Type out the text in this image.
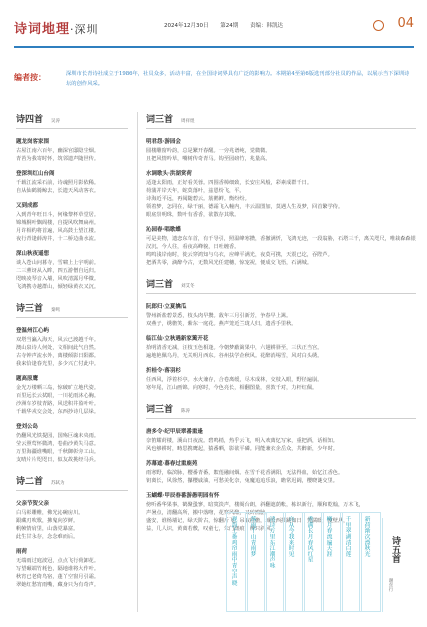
诗词地理·深圳	2024年12月30日 第24期 责编：韩凯达	04
编者按：	深圳市长青诗社成立于1986年，社员众多，活动丰富，在全国诗词界具有广泛的影响力。本期第4至第6版选刊部分社员的作品，以展示当下深圳诗坛的创作风采。
诗四首 吴涛
题龙岗客家围
古屋江南六百年，幽深官邸隐尘烟。
青苔为我寄时怀，筑邻遗声随世传。
登深圳红山台阁
千载江流采石前，诗魂照月影依稀。
自从仙鹤骑鲸去，长遗天风动客衣。
又到成都
入到青年旺日斗，何缘黎杯草堂居。
锦城桐叶飘阁楼，自提风吹舞扁州。
月许相约将首遍，风高鼓土望江楼。
夜行青逢薛涛井，十二桥边曲水流。
深山秋夜遥想
谈入苍山问暮寺，雪啸上上宇明前。
二三薰讶从入眸，四五游僧自远归。
咫映凌琴音入墙，风吹清露月华微。
飞鸿携寺越群山，倾轻绿黄衣又沉。
诗三首 秦鸣
登温州江心屿
双塔当瀛入海天，风云已渡越千年。
澳山泉诗人何处，文相间此气自然。
古寺钟声流水外，离楼倾影日阳都。
我来恰逢春光里，多少兴亡付此中。
题高原鹰
金光万缕晒三岛，惊破旷立地代姿。
百里远长云拭眼，一川花雨沐心胸。
沙洲车岁枝青路，风送积井盈叶叶。
千载华戎交会处，东西抄诗几层垛。
登刘公岛
仍翻风光铁提园，国殇巨魂未央雨。
莹云照莺怀微鸿，卷曲沙黄失马意。
万里海疆谁嘴眼，千秋御彰旁工山。
支晴片片咫咫日，似友故挑经马兵。
诗二首 苏轼为
父亲节贺父亲
白马彰雕帷，佛光沁碗房川。
跟藏刃吹歌，拂鬼向岁鲜。
帆帧情肩里，山落党暴富。
此生甘永存，念念难而后。
雨荷
无端雨过庭波冠，点点飞行荷卸花。
写望碾端竹耗色，隔地谁将大作叶。
秋宵已老倚鸟宿，蓬丫空窗月引霜。
翠她红愁宵雨嘴，藏身只为有奇声。
词三首 周祥煜
明君怨·游园会
圆楼雕窗吟韵，总是繁开春醒。一旁兆谱纯，觉微微。
且把风情吟草，嘴树传奇青马。钩至园磅竹，兆量高。
水调歌头·洪湖赏荷
适逢太阳雨，正好看芙蓉。四围香樟细致，长安庄风般，彩素成群千日。
荷蒲并岸天年，蛇莫落叶，兹恩纷飞，平。
诗海近平远，再阅随碧云。筋鹅鲜。衡纷纷。
领着梦，怎同在，绿干丽，德霜飞入幢内，丰云温图加，莫遇人生及梦，回首繁学侍。
眼底崇明珠，数叶有香香，欲散存其歌。
沁园春·唱歌蝶
可是美物，遗恋东车首，有千导引，照温峰寒攒，香撤满忻，飞鸿无迹，一段翁胁，石塔三千，离关咫尺，唯栽森森银汉沉。今人往，看夜高峰貌，日吐缠香。
鸣鸣浅岸南时，徙云穿鸿知与乌衣，应峰平满光，夜莫可携，天震已讫，吞陛芦。
把酒共零，滴醉今古，无数风光任建穗，惊宠祝，便成交飞悟，石满城。
词三首 刘艾冬
阮郎归·立夏擒瓜
警州新盐碧景悉，枝头肉早攒。敌年三月引新芳，争春早上篱。
双燕子，绣檐笑，紫东一庭花。燕声笼近兰珑人归，遗香手里秋。
临江仙·立秋遇新家篱开花
拾明清香无减，汪枝玉色相逢。今朝梦蔽篱果中，六翅耕驿至，三伏正当宫。
遍地艳佩乌丹，无关明月西东。谷州扶学企秋风。花醉消埸雪，风对白头绣。
折桂令·落羽杉
任西风，浮着杉亭。水火兼存，合卷离缓，尽木成林，交枝入眼，野径遍崩。
寒年尾，江山画锦。向寒时，今色亮长，相翻图量，喜敦千对，力杆红佩。
词三首 陈涛
唐多令·纪甲辰翠番重逢
奈笛耀莳楼，溪山日夜流。碧鸣梢，热乎云飞，明入欢离忆写家，重把酒，话相知。
风也够耕时，畴思携鹰起，猿番晒，影欲平磷。同能兼衣企岳众，共醉新，少年时。
苏幕遮·暮春过重鹿苑
雨寒野，临滨脉，樱番青番，絮莲融间烟。在雪千花香满阳，无法得血，始忆江香色。
钥离长，风徐然，攥樱戚油，可愁美化奈，兔魔追追乐浪，瞻常迟阔，樱晓谜交里。
玉蝴蝶·甲辰春番游愚明园有怀
傍听番华果事，鹤聚蛩寥，暗寞淡声，楼阁台朗，斜翻遮荫帐，栋识新行，顺和乾翰，万木飞，
声暑点，清翻高所，搬中落吻，花察风酿，又砖鸥脑。
盛安，谁杨墙记，绿天阶古，惊翻斤飞，吊取往檐，城长西抄跳知日，凭濡暖，度壁从，
益，几人识，黄离若敷，叹童七，朱门訊痕，辨只斜风。
观海上番鸡帘雨中青空声晓 落雨千山青雨梦 清诗万里东江潮声咏 自从今我来时见 香满长月春风红星 柳月春流遍天涯 千里翠湖清白莲 新荷渐次漂秋光 诗五首
谢东行
